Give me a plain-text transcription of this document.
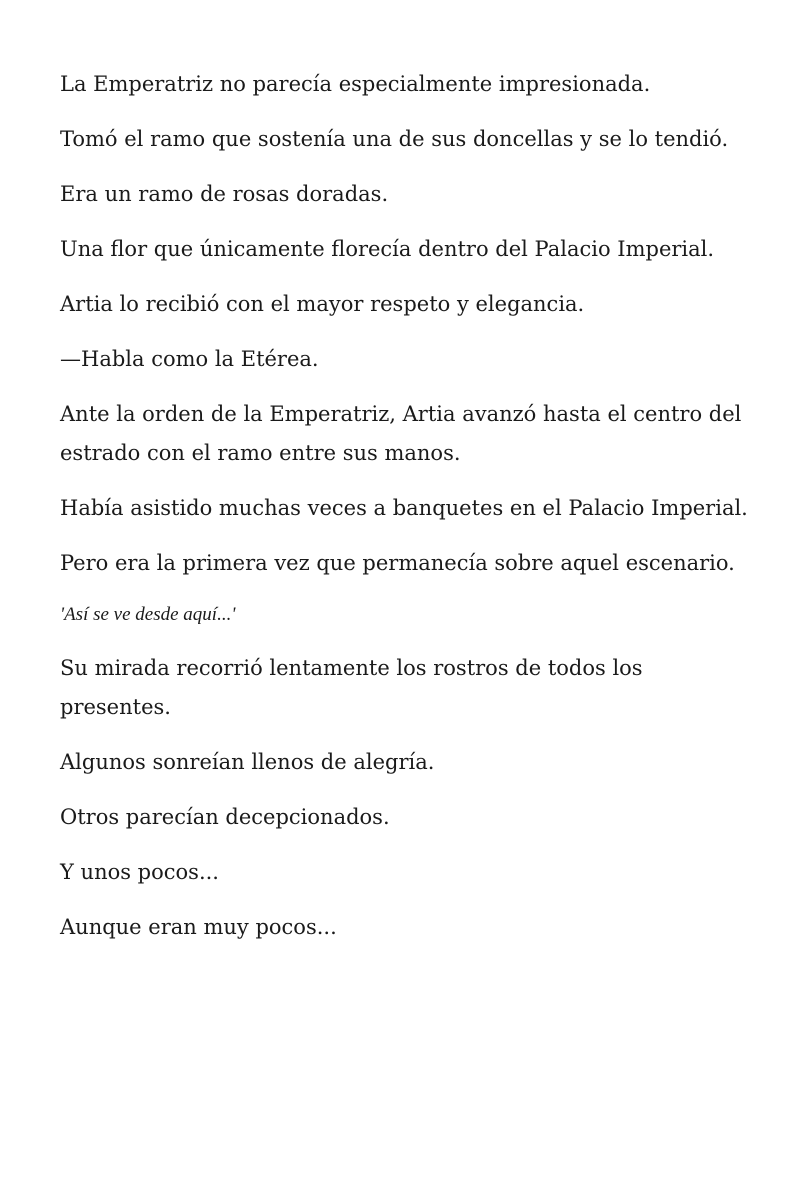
La Emperatriz no parecía especialmente impresionada.

Tomó el ramo que sostenía una de sus doncellas y se lo tendió.

Era un ramo de rosas doradas.

Una flor que únicamente florecía dentro del Palacio Imperial.

Artia lo recibió con el mayor respeto y elegancia.

—Habla como la Etérea.

Ante la orden de la Emperatriz, Artia avanzó hasta el centro del estrado con el ramo entre sus manos.

Había asistido muchas veces a banquetes en el Palacio Imperial.

Pero era la primera vez que permanecía sobre aquel escenario.

'Así se ve desde aquí...'

Su mirada recorrió lentamente los rostros de todos los presentes.

Algunos sonreían llenos de alegría.

Otros parecían decepcionados.

Y unos pocos...

Aunque eran muy pocos...
